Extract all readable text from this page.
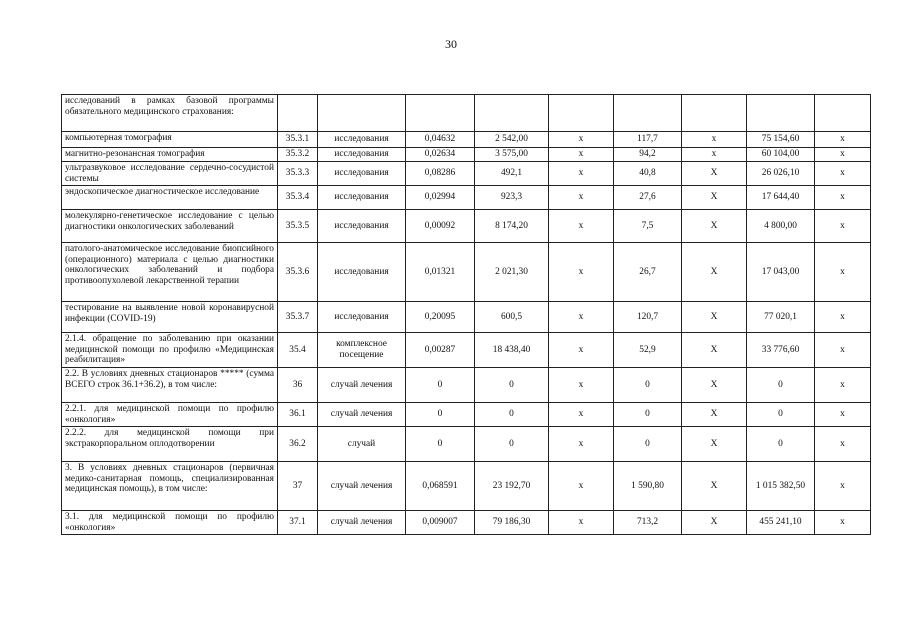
30
исследований в рамках базовой программы обязательного медицинского страхования:									
компьютерная томография	35.3.1	исследования	0,04632	2 542,00	х	117,7	х	75 154,60	х
магнитно-резонансная томография	35.3.2	исследования	0,02634	3 575,00	х	94,2	х	60 104,00	х
ультразвуковое исследование сердечно-сосудистой системы	35.3.3	исследования	0,08286	492,1	х	40,8	Х	26 026,10	х
эндоскопическое диагностическое исследование	35.3.4	исследования	0,02994	923,3	х	27,6	Х	17 644,40	х
молекулярно-генетическое исследование с целью диагностики онкологических заболеваний	35.3.5	исследования	0,00092	8 174,20	х	7,5	Х	4 800,00	х
патолого-анатомическое исследование биопсийного (операционного) материала с целью диагностики онкологических заболеваний и подбора противоопухолевой лекарственной терапии	35.3.6	исследования	0,01321	2 021,30	х	26,7	Х	17 043,00	х
тестирование на выявление новой коронавирусной инфекции (COVID-19)	35.3.7	исследования	0,20095	600,5	х	120,7	Х	77 020,1	х
2.1.4. обращение по заболеванию при оказании медицинской помощи по профилю «Медицинская реабилитация»	35.4	комплексное посещение	0,00287	18 438,40	х	52,9	Х	33 776,60	х
2.2. В условиях дневных стационаров ***** (сумма ВСЕГО строк 36.1+36.2), в том числе:	36	случай лечения	0	0	х	0	Х	0	х
2.2.1. для медицинской помощи по профилю «онкология»	36.1	случай лечения	0	0	х	0	Х	0	х
2.2.2. для медицинской помощи при экстракорпоральном оплодотворении	36.2	случай	0	0	х	0	Х	0	х
3. В условиях дневных стационаров (первичная медико-санитарная помощь, специализированная медицинская помощь), в том числе:	37	случай лечения	0,068591	23 192,70	х	1 590,80	Х	1 015 382,50	х
3.1. для медицинской помощи по профилю «онкология»	37.1	случай лечения	0,009007	79 186,30	х	713,2	Х	455 241,10	х
